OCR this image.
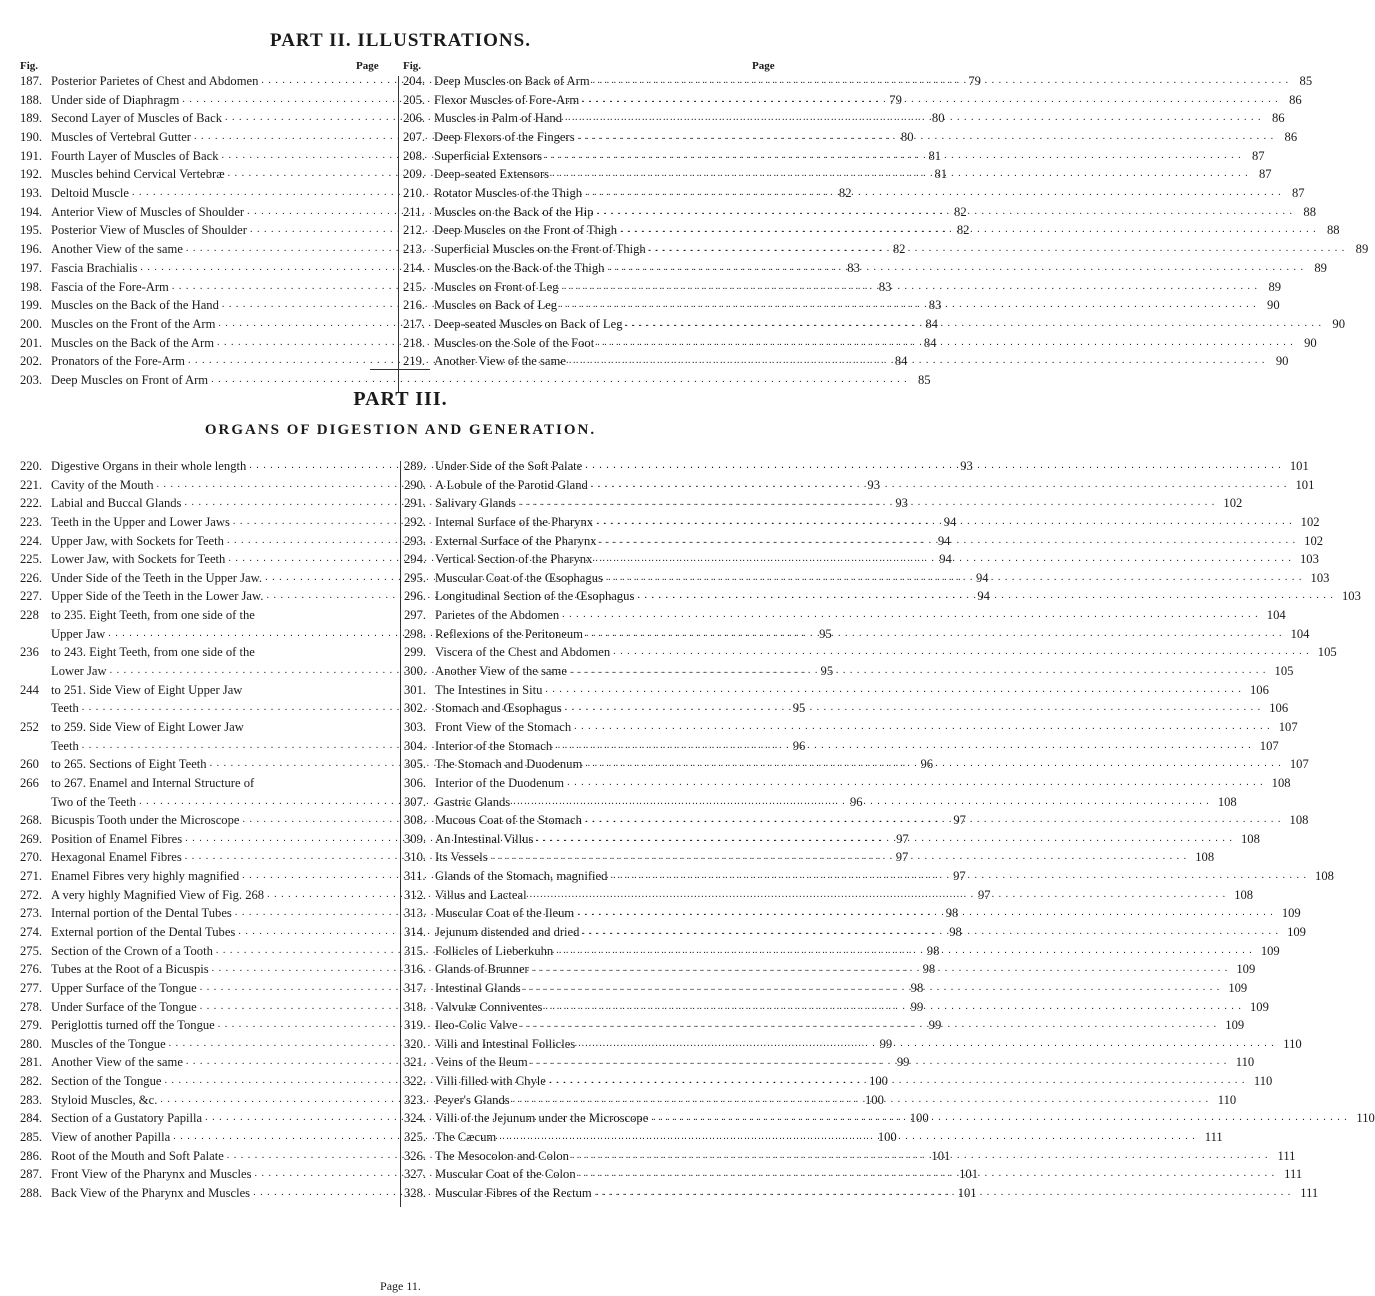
PART II. ILLUSTRATIONS.
Fig.	Page Fig.	Page
187. Posterior Parietes of Chest and Abdomen . . .	79
188. Under side of Diaphragm . . .	79
189. Second Layer of Muscles of Back . . .	80
190. Muscles of Vertebral Gutter . . .	80
191. Fourth Layer of Muscles of Back . . .	81
192. Muscles behind Cervical Vertebræ . . .	81
193. Deltoid Muscle . . .	82
194. Anterior View of Muscles of Shoulder . . .	82
195. Posterior View of Muscles of Shoulder . . .	82
196. Another View of the same . . .	82
197. Fascia Brachialis . . .	83
198. Fascia of the Fore-Arm . . .	83
199. Muscles on the Back of the Hand . . .	83
200. Muscles on the Front of the Arm . . .	84
201. Muscles on the Back of the Arm . . .	84
202. Pronators of the Fore-Arm . . .	84
203. Deep Muscles on Front of Arm . . .	85
204. Deep Muscles on Back of Arm . . .	85
205. Flexor Muscles of Fore-Arm . . .	86
206. Muscles in Palm of Hand . . .	86
207. Deep Flexors of the Fingers . . .	86
208. Superficial Extensors . . .	87
209. Deep-seated Extensors . . .	87
210. Rotator Muscles of the Thigh . . .	87
211. Muscles on the Back of the Hip . . .	88
212. Deep Muscles on the Front of Thigh . . .	88
213. Superficial Muscles on the Front of Thigh . . .	89
214. Muscles on the Back of the Thigh . . .	89
215. Muscles on Front of Leg . . .	89
216. Muscles on Back of Leg . . .	90
217. Deep-seated Muscles on Back of Leg . . .	90
218. Muscles on the Sole of the Foot . . .	90
219. Another View of the same . . .	90
PART III.
ORGANS OF DIGESTION AND GENERATION.
220. Digestive Organs in their whole length . . .	93
221. Cavity of the Mouth . . .	93
222. Labial and Buccal Glands . . .	93
223. Teeth in the Upper and Lower Jaws . . .	94
224. Upper Jaw, with Sockets for Teeth . . .	94
225. Lower Jaw, with Sockets for Teeth . . .	94
226. Under Side of the Teeth in the Upper Jaw. . . .	94
227. Upper Side of the Teeth in the Lower Jaw. . . .	94
228 to 235. Eight Teeth, from one side of the
Upper Jaw . . .	95
236 to 243. Eight Teeth, from one side of the
Lower Jaw . . .	95
244 to 251. Side View of Eight Upper Jaw
Teeth . . .	95
252 to 259. Side View of Eight Lower Jaw
Teeth . . .	96
260 to 265. Sections of Eight Teeth . . .	96
266 to 267. Enamel and Internal Structure of
Two of the Teeth . . .	96
268. Bicuspis Tooth under the Microscope . . .	97
269. Position of Enamel Fibres . . .	97
270. Hexagonal Enamel Fibres . . .	97
271. Enamel Fibres very highly magnified . . .	97
272. A very highly Magnified View of Fig. 268 . . .	97
273. Internal portion of the Dental Tubes . . .	98
274. External portion of the Dental Tubes . . .	98
275. Section of the Crown of a Tooth . . .	98
276. Tubes at the Root of a Bicuspis . . .	98
277. Upper Surface of the Tongue . . .	98
278. Under Surface of the Tongue . . .	99
279. Periglottis turned off the Tongue . . .	99
280. Muscles of the Tongue . . .	99
281. Another View of the same . . .	99
282. Section of the Tongue . . .	100
283. Styloid Muscles, &c. . . .	100
284. Section of a Gustatory Papilla . . .	100
285. View of another Papilla . . .	100
286. Root of the Mouth and Soft Palate . . .	101
287. Front View of the Pharynx and Muscles . . .	101
288. Back View of the Pharynx and Muscles . . .	101
289. Under Side of the Soft Palate . . .	101
290. A Lobule of the Parotid Gland . . .	101
291. Salivary Glands . . .	102
292. Internal Surface of the Pharynx . . .	102
293. External Surface of the Pharynx . . .	102
294. Vertical Section of the Pharynx . . .	103
295. Muscular Coat of the Œsophagus . . .	103
296. Longitudinal Section of the Œsophagus . . .	103
297. Parietes of the Abdomen . . .	104
298. Reflexions of the Peritoneum . . .	104
299. Viscera of the Chest and Abdomen . . .	105
300. Another View of the same . . .	105
301. The Intestines in Situ . . .	106
302. Stomach and Œsophagus . . .	106
303. Front View of the Stomach . . .	107
304. Interior of the Stomach . . .	107
305. The Stomach and Duodenum . . .	107
306. Interior of the Duodenum . . .	108
307. Gastric Glands . . .	108
308. Mucous Coat of the Stomach . . .	108
309. An Intestinal Villus . . .	108
310. Its Vessels . . .	108
311. Glands of the Stomach, magnified . . .	108
312. Villus and Lacteal . . .	108
313. Muscular Coat of the Ileum . . .	109
314. Jejunum distended and dried . . .	109
315. Follicles of Lieberkuhn . . .	109
316. Glands of Brunner . . .	109
317. Intestinal Glands . . .	109
318. Valvulæ Conniventes . . .	109
319. Ileo-Colic Valve . . .	109
320. Villi and Intestinal Follicles . . .	110
321. Veins of the Ileum . . .	110
322. Villi filled with Chyle . . .	110
323. Peyer's Glands . . .	110
324. Villi of the Jejunum under the Microscope . . .	110
325. The Cæcum . . .	111
326. The Mesocolon and Colon . . .	111
327. Muscular Coat of the Colon . . .	111
328. Muscular Fibres of the Rectum . . .	111
Page 11.
